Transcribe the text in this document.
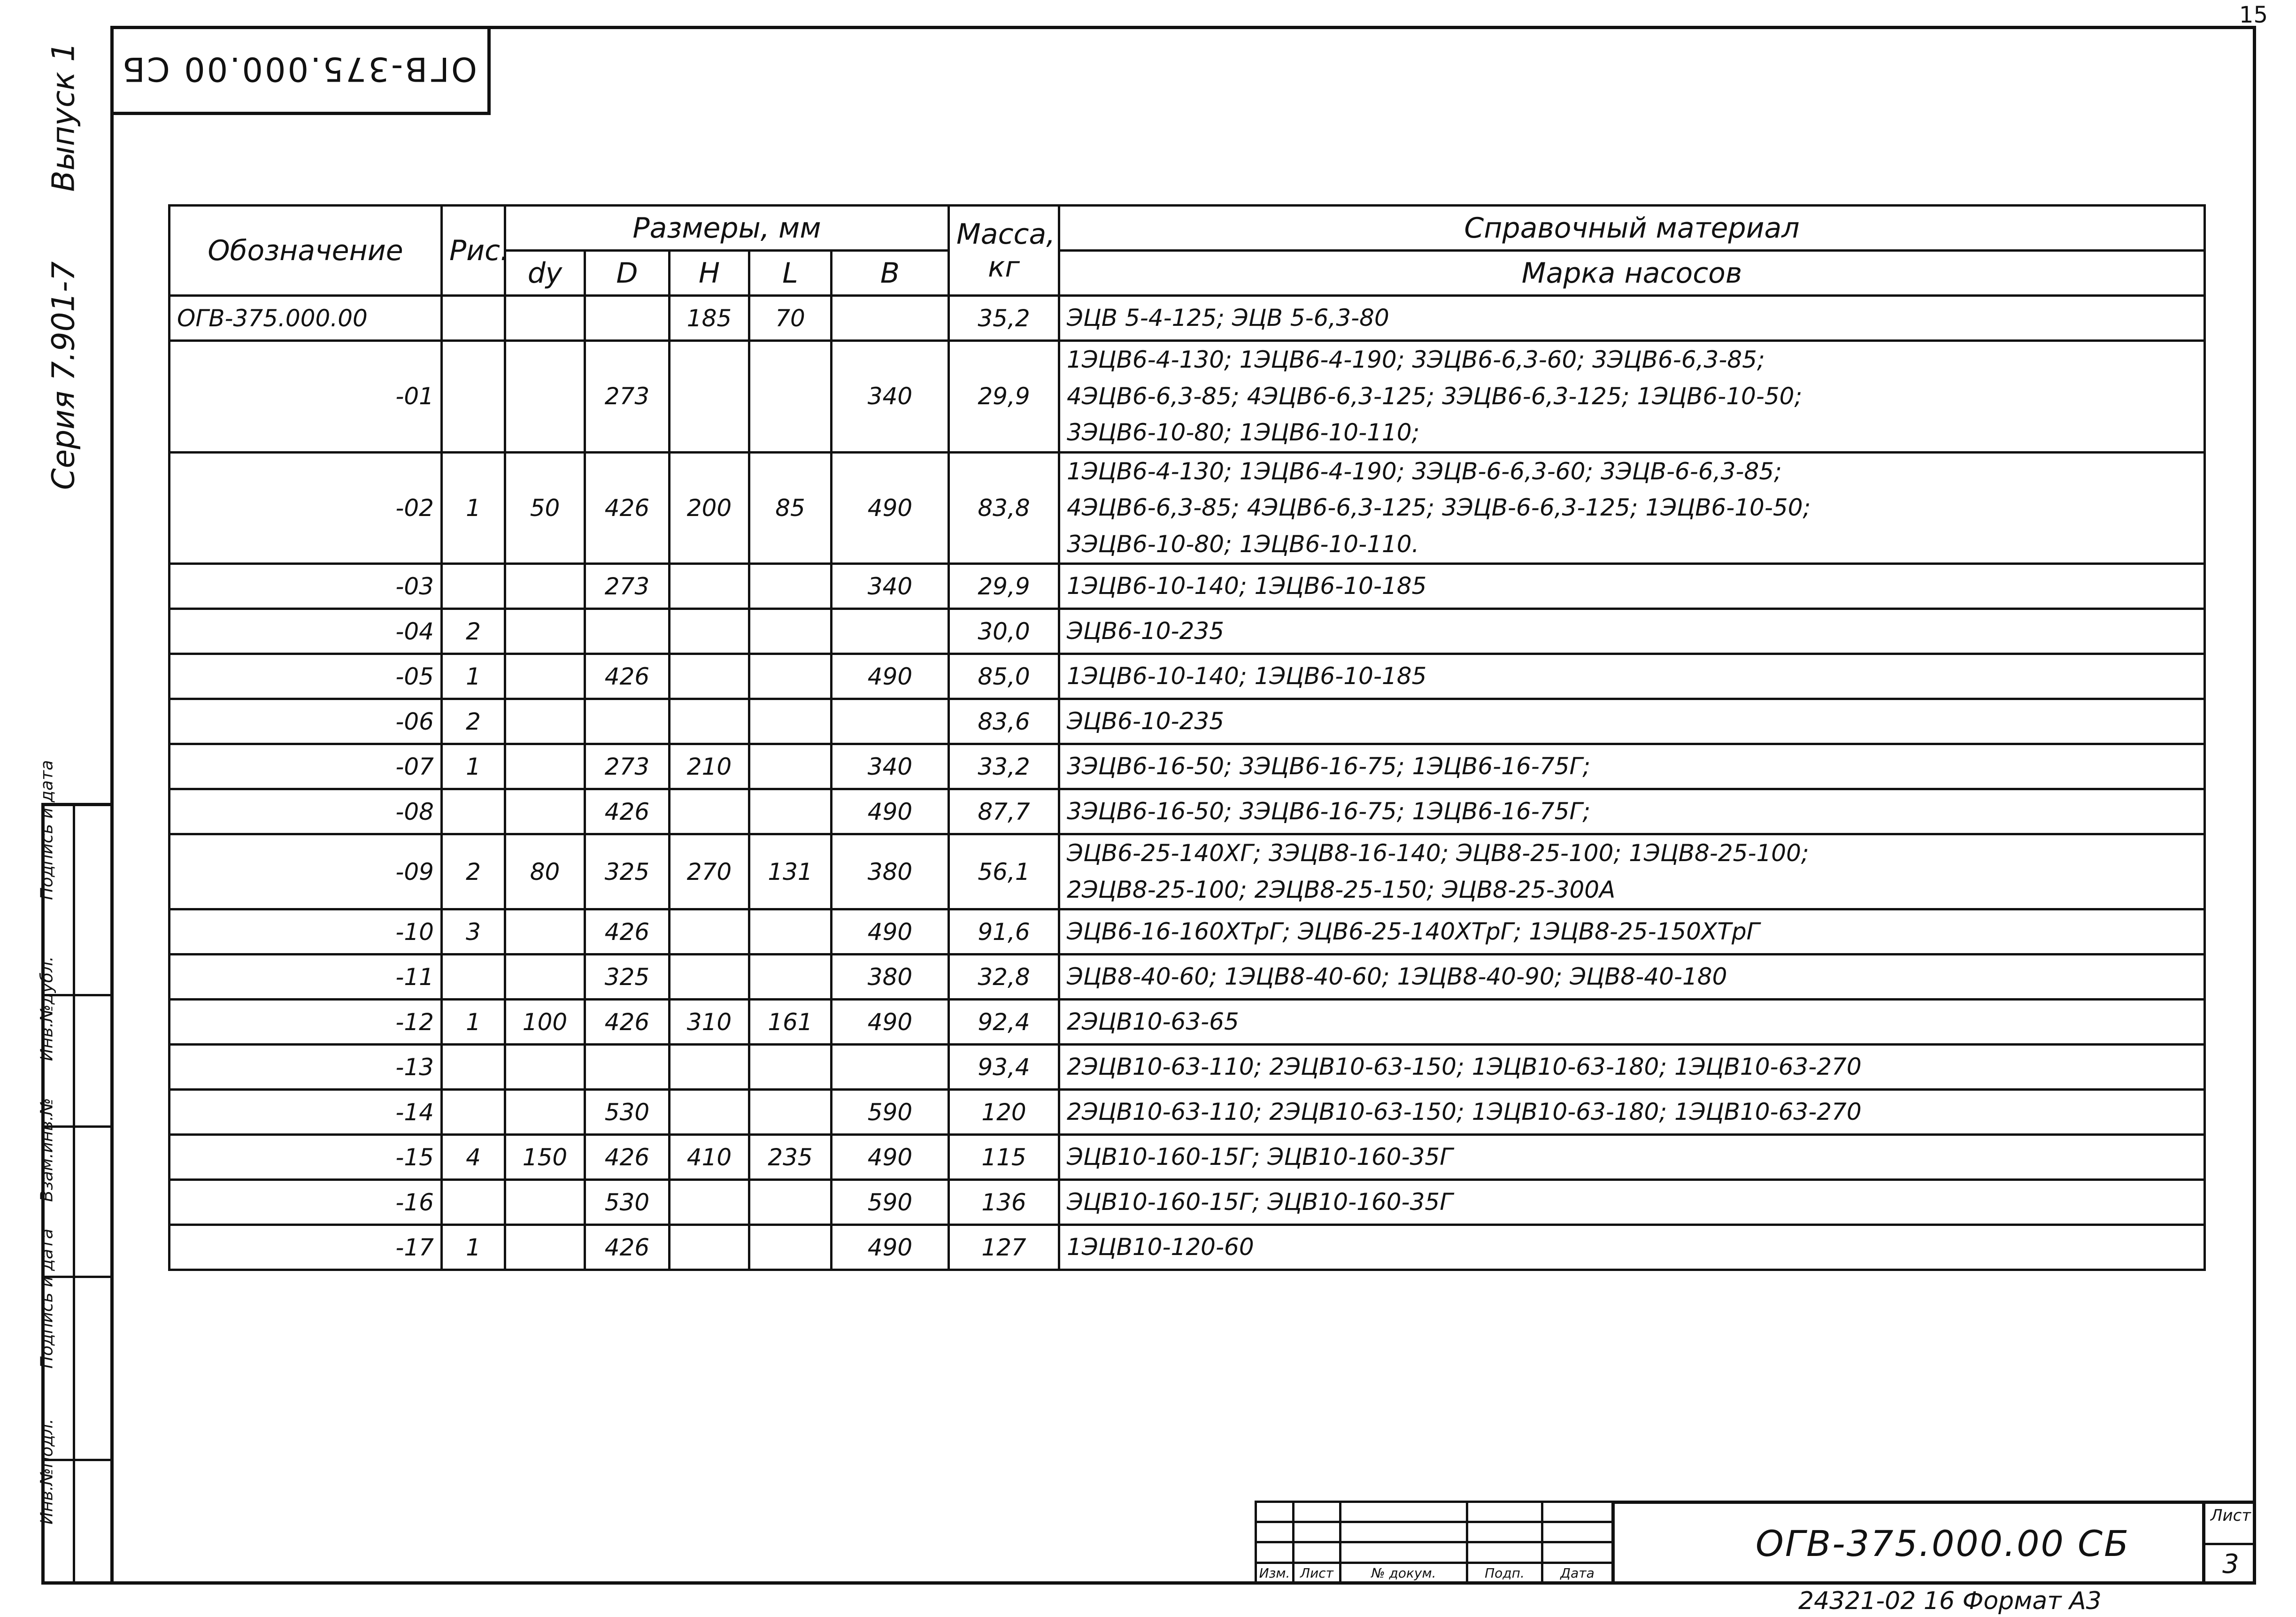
ОГВ-375.000.00 СБ
15
Выпуск 1
Серия 7.901-7
Инв.№подл.
Подпись и дата
Взам.инв.№
Инв.№дубл.
Подпись и дата
Обозначение	Рис.	Размеры, мм					Масса, кг	Справочный материал
		dy	D	H	L	B		Марка насосов
ОГВ-375.000.00				185	70		35,2	ЭЦВ 5-4-125; ЭЦВ 5-6,3-80

-01			273			340	29,9	1ЭЦВ6-4-130; 1ЭЦВ6-4-190; 3ЭЦВ6-6,3-60; 3ЭЦВ6-6,3-85;
4ЭЦВ6-6,3-85; 4ЭЦВ6-6,3-125; 3ЭЦВ6-6,3-125; 1ЭЦВ6-10-50;
3ЭЦВ6-10-80; 1ЭЦВ6-10-110;

-02	1	50	426	200	85	490	83,8	1ЭЦВ6-4-130; 1ЭЦВ6-4-190; 3ЭЦВ-6-6,3-60; 3ЭЦВ-6-6,3-85;
4ЭЦВ6-6,3-85; 4ЭЦВ6-6,3-125; 3ЭЦВ-6-6,3-125; 1ЭЦВ6-10-50;
3ЭЦВ6-10-80; 1ЭЦВ6-10-110.

-03			273			340	29,9	1ЭЦВ6-10-140; 1ЭЦВ6-10-185

-04	2						30,0	ЭЦВ6-10-235

-05	1		426			490	85,0	1ЭЦВ6-10-140; 1ЭЦВ6-10-185

-06	2						83,6	ЭЦВ6-10-235

-07	1		273	210		340	33,2	3ЭЦВ6-16-50; 3ЭЦВ6-16-75; 1ЭЦВ6-16-75Г;

-08			426			490	87,7	3ЭЦВ6-16-50; 3ЭЦВ6-16-75; 1ЭЦВ6-16-75Г;

-09	2	80	325	270	131	380	56,1	ЭЦВ6-25-140ХГ; 3ЭЦВ8-16-140; ЭЦВ8-25-100; 1ЭЦВ8-25-100;
2ЭЦВ8-25-100; 2ЭЦВ8-25-150; ЭЦВ8-25-300А

-10	3		426			490	91,6	ЭЦВ6-16-160ХТрГ; ЭЦВ6-25-140ХТрГ; 1ЭЦВ8-25-150ХТрГ

-11			325			380	32,8	ЭЦВ8-40-60; 1ЭЦВ8-40-60; 1ЭЦВ8-40-90; ЭЦВ8-40-180

-12	1	100	426	310	161	490	92,4	2ЭЦВ10-63-65

-13							93,4	2ЭЦВ10-63-110; 2ЭЦВ10-63-150; 1ЭЦВ10-63-180; 1ЭЦВ10-63-270

-14			530			590	120	2ЭЦВ10-63-110; 2ЭЦВ10-63-150; 1ЭЦВ10-63-180; 1ЭЦВ10-63-270

-15	4	150	426	410	235	490	115	ЭЦВ10-160-15Г; ЭЦВ10-160-35Г

-16			530			590	136	ЭЦВ10-160-15Г; ЭЦВ10-160-35Г

-17	1		426			490	127	1ЭЦВ10-120-60

Изм.	Лист	№ докум.	Подп.	Дата
ОГВ-375.000.00 СБ
Лист
3
24321-02 16 Формат А3
